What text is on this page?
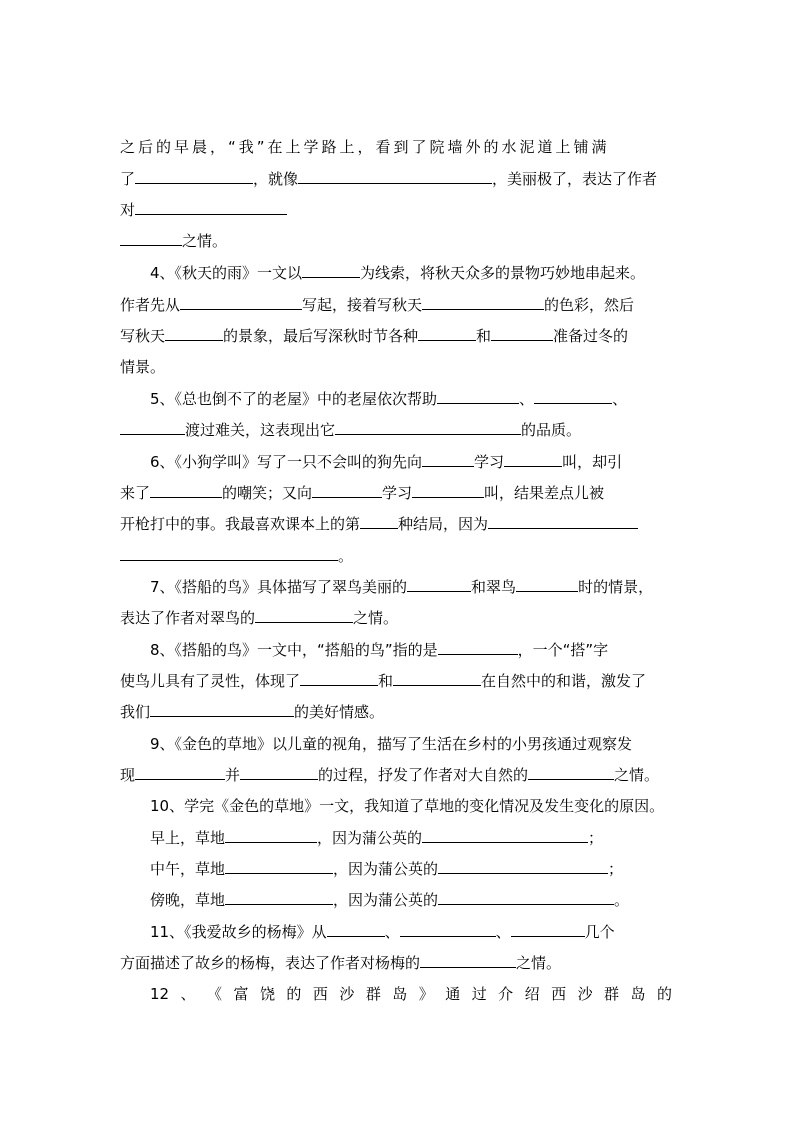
之后的早晨，“我”在上学路上，看到了院墙外的水泥道上铺满
了	，就像	，美丽极了，表达了作者
对
之情。
4、《秋天的雨》一文以	为线索，将秋天众多的景物巧妙地串起来。
作者先从	写起，接着写秋天	的色彩，然后
写秋天	的景象，最后写深秋时节各种	和	准备过冬的
情景。
5、《总也倒不了的老屋》中的老屋依次帮助	、	、
渡过难关，这表现出它	的品质。
6、《小狗学叫》写了一只不会叫的狗先向	学习	叫，却引
来了	的嘲笑；又向	学习	叫，结果差点儿被
开枪打中的事。我最喜欢课本上的第	种结局，因为
。
7、《搭船的鸟》具体描写了翠鸟美丽的	和翠鸟	时的情景，
表达了作者对翠鸟的	之情。
8、《搭船的鸟》一文中，“搭船的鸟”指的是	，一个“搭”字
使鸟儿具有了灵性，体现了	和	在自然中的和谐，激发了
我们	的美好情感。
9、《金色的草地》以儿童的视角，描写了生活在乡村的小男孩通过观察发
现	并	的过程，抒发了作者对大自然的	之情。
10、学完《金色的草地》一文，我知道了草地的变化情况及发生变化的原因。
早上，草地	，因为蒲公英的	；
中午，草地	，因为蒲公英的	；
傍晚，草地	，因为蒲公英的	。
11、《我爱故乡的杨梅》从	、	、	几个
方面描述了故乡的杨梅，表达了作者对杨梅的	之情。
12 、 《 富 饶 的 西 沙 群 岛 》 通 过 介 绍 西 沙 群 岛 的
